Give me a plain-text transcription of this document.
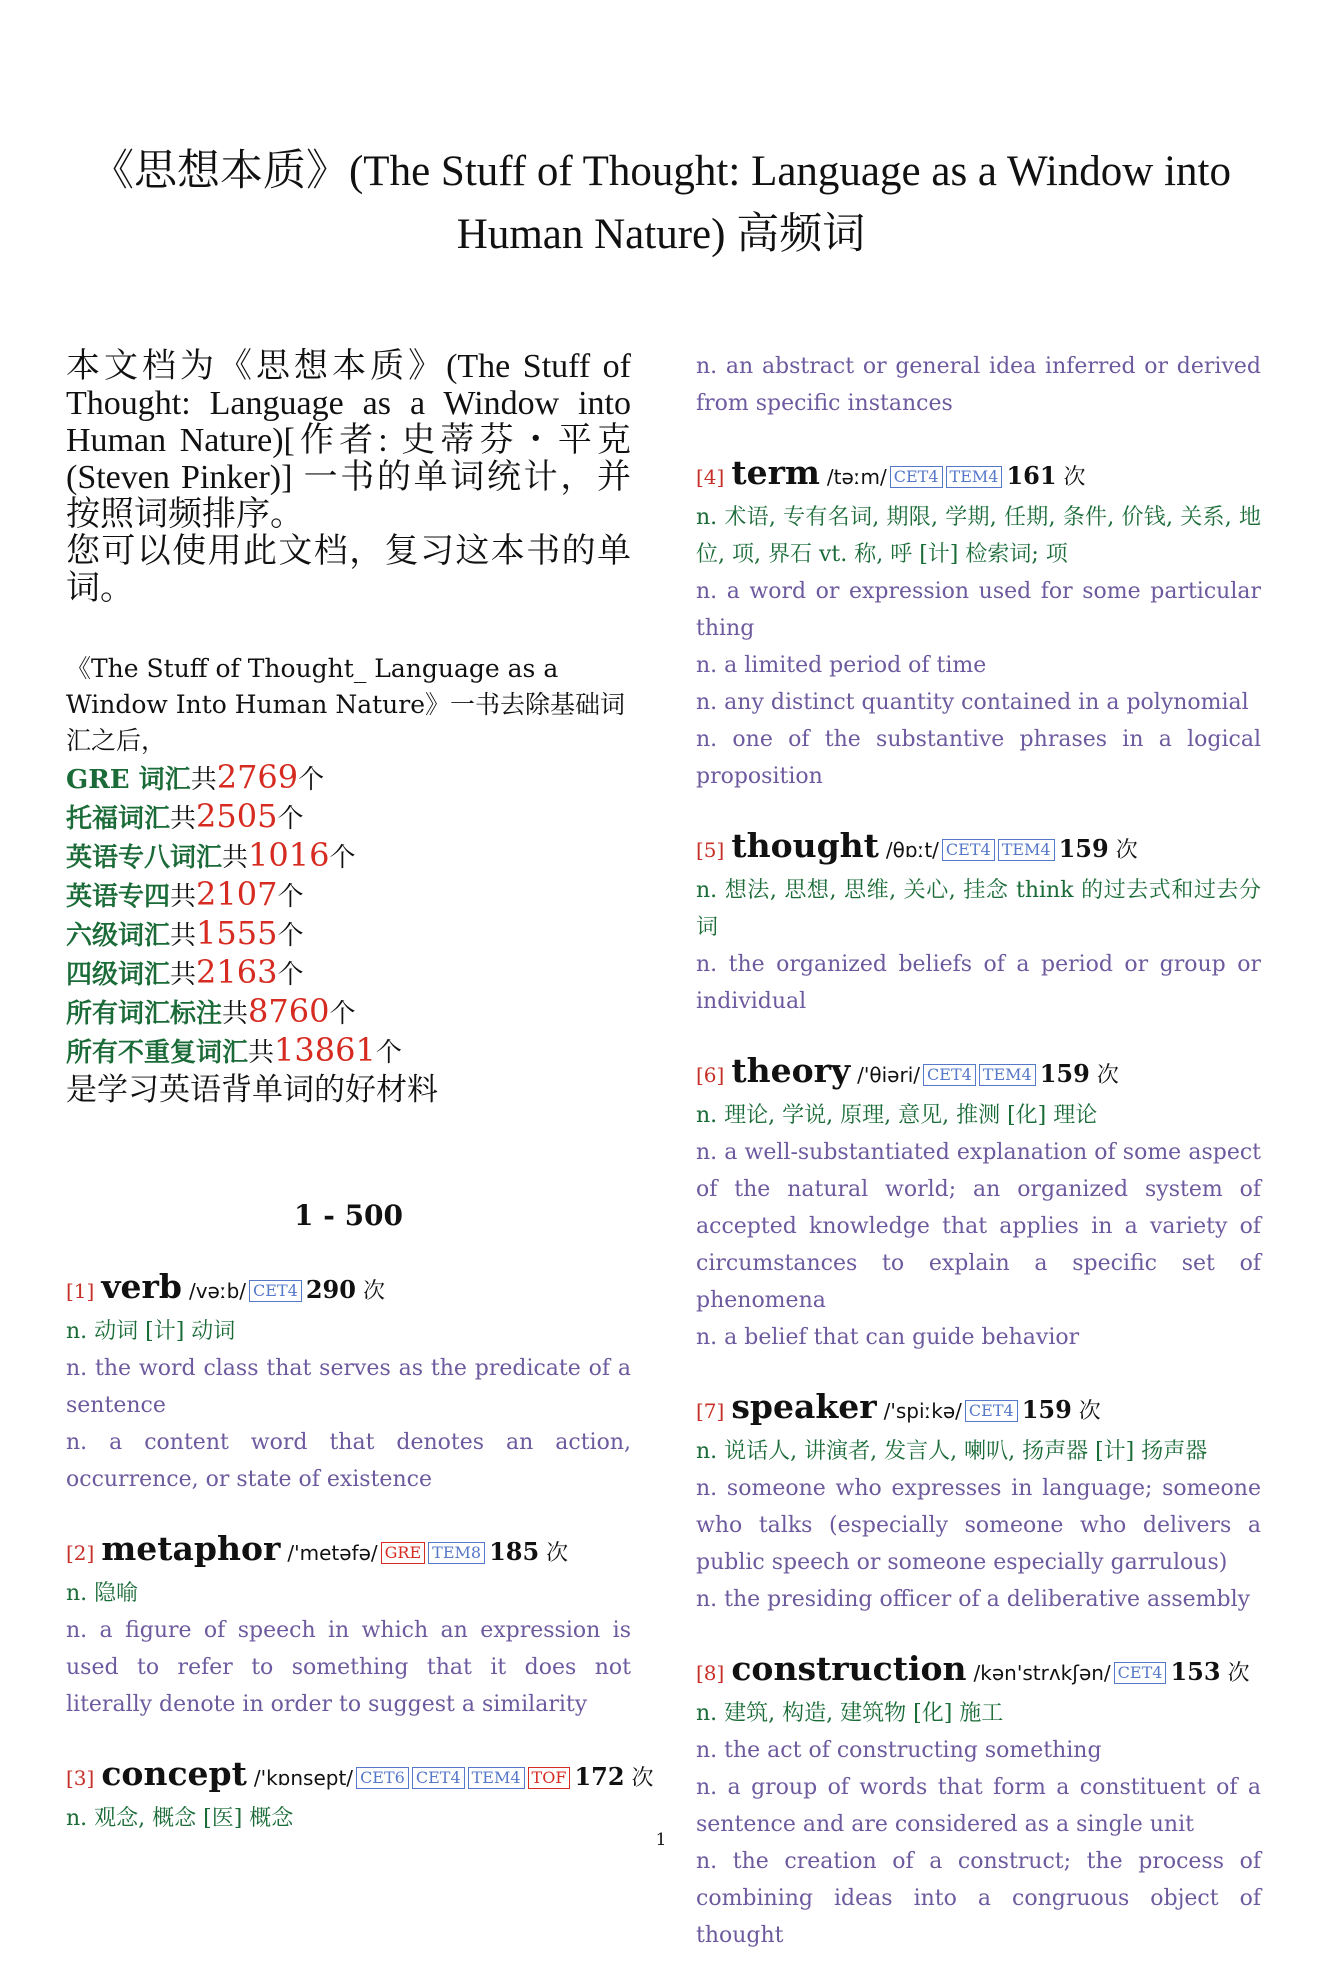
《思想本质》(The Stuff of Thought: Language as a Window into
Human Nature) 高频词

本文档为《思想本质》(The Stuff of Thought: Language as a Window into Human Nature)[作者: 史蒂芬・平克 (Steven Pinker)] 一书的单词统计，并按照词频排序。

您可以使用此文档，复习这本书的单词。

《The Stuff of Thought_ Language as a Window Into Human Nature》一书去除基础词汇之后，
GRE 词汇共2769个
托福词汇共2505个
英语专八词汇共1016个
英语专四共2107个
六级词汇共1555个
四级词汇共2163个
所有词汇标注共8760个
所有不重复词汇共13861个
是学习英语背单词的好材料
1 - 500
[1] verb /vəːb/ CET4 290 次

n. 动词 [计] 动词

n. the word class that serves as the predicate of a sentence

n. a content word that denotes an action, occurrence, or state of existence

[2] metaphor /'metəfə/ GRE TEM8 185 次

n. 隐喻

n. a figure of speech in which an expression is used to refer to something that it does not literally denote in order to suggest a similarity

[3] concept /'kɒnsept/ CET6 CET4 TEM4 TOF 172 次

n. 观念, 概念 [医] 概念

n. an abstract or general idea inferred or derived from specific instances

[4] term /təːm/ CET4 TEM4 161 次

n. 术语, 专有名词, 期限, 学期, 任期, 条件, 价钱, 关系, 地位, 项, 界石 vt. 称, 呼 [计] 检索词; 项

n. a word or expression used for some particular thing

n. a limited period of time

n. any distinct quantity contained in a polynomial

n. one of the substantive phrases in a logical proposition

[5] thought /θɒːt/ CET4 TEM4 159 次

n. 想法, 思想, 思维, 关心, 挂念 think 的过去式和过去分词

n. the organized beliefs of a period or group or individual

[6] theory /'θiəri/ CET4 TEM4 159 次

n. 理论, 学说, 原理, 意见, 推测 [化] 理论

n. a well-substantiated explanation of some aspect of the natural world; an organized system of accepted knowledge that applies in a variety of circumstances to explain a specific set of phenomena

n. a belief that can guide behavior

[7] speaker /'spiːkə/ CET4 159 次

n. 说话人, 讲演者, 发言人, 喇叭, 扬声器 [计] 扬声器

n. someone who expresses in language; someone who talks (especially someone who delivers a public speech or someone especially garrulous)

n. the presiding officer of a deliberative assembly

[8] construction /kən'strʌkʃən/ CET4 153 次

n. 建筑, 构造, 建筑物 [化] 施工

n. the act of constructing something

n. a group of words that form a constituent of a sentence and are considered as a single unit

n. the creation of a construct; the process of combining ideas into a congruous object of thought

1
